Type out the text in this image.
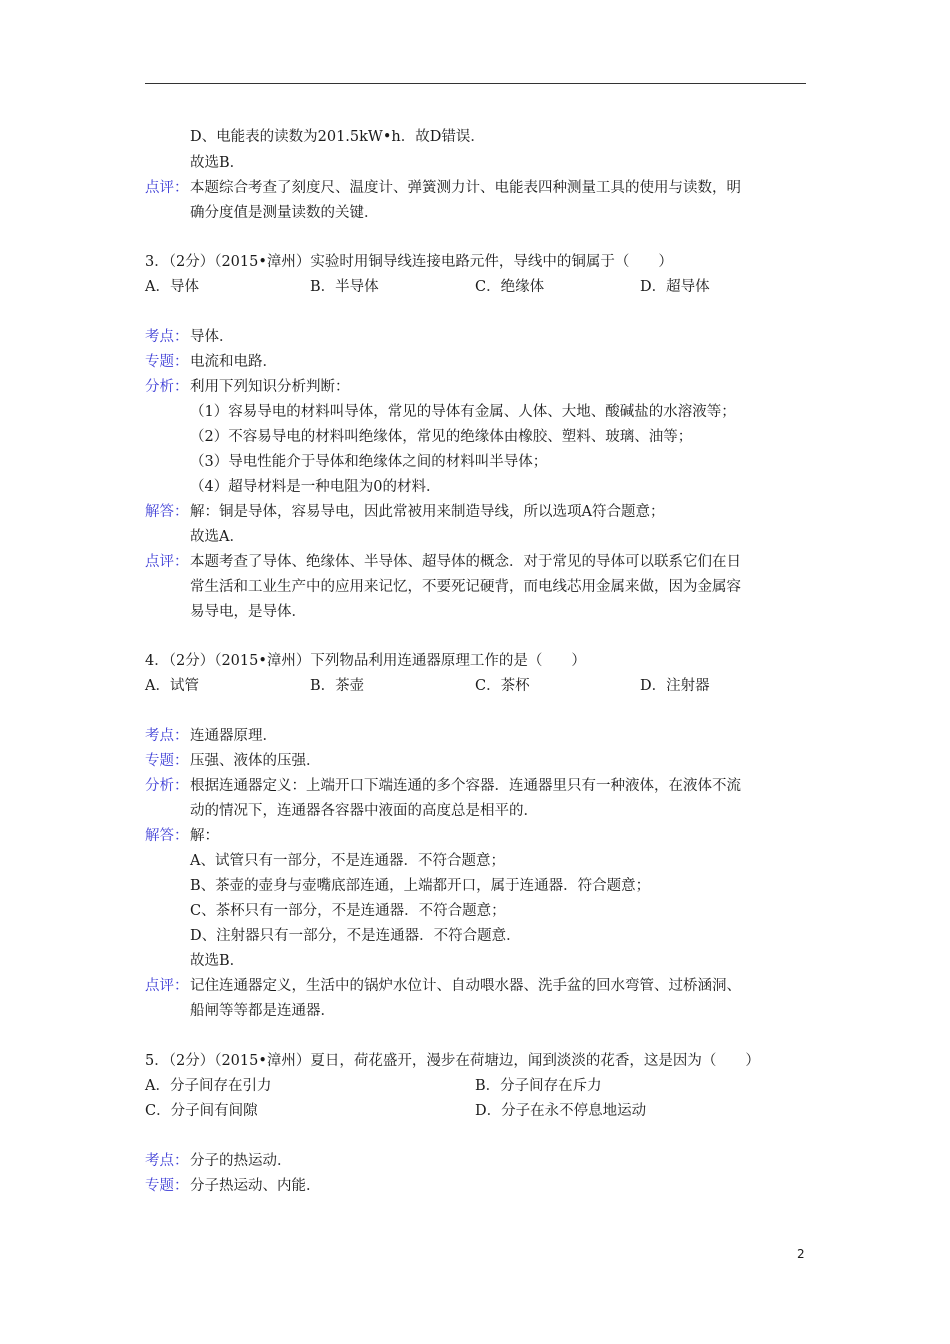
D、电能表的读数为201.5kW•h．故D错误．
故选B．
点评： 本题综合考查了刻度尺、温度计、弹簧测力计、电能表四种测量工具的使用与读数，明
确分度值是测量读数的关键．
3．（2分）（2015•漳州）实验时用铜导线连接电路元件，导线中的铜属于（　　）
A．导体	B．半导体	C．绝缘体	D．超导体
考点： 导体．
专题： 电流和电路．
分析： 利用下列知识分析判断：
（1）容易导电的材料叫导体，常见的导体有金属、人体、大地、酸碱盐的水溶液等；
（2）不容易导电的材料叫绝缘体，常见的绝缘体由橡胶、塑料、玻璃、油等；
（3）导电性能介于导体和绝缘体之间的材料叫半导体；
（4）超导材料是一种电阻为0的材料．
解答： 解：铜是导体，容易导电，因此常被用来制造导线，所以选项A符合题意；
故选A．
点评： 本题考查了导体、绝缘体、半导体、超导体的概念．对于常见的导体可以联系它们在日
常生活和工业生产中的应用来记忆，不要死记硬背，而电线芯用金属来做，因为金属容
易导电，是导体．
4．（2分）（2015•漳州）下列物品利用连通器原理工作的是（　　）
A．试管	B．茶壶	C．茶杯	D．注射器
考点： 连通器原理．
专题： 压强、液体的压强．
分析： 根据连通器定义：上端开口下端连通的多个容器．连通器里只有一种液体，在液体不流
动的情况下，连通器各容器中液面的高度总是相平的．
解答： 解：
A、试管只有一部分，不是连通器．不符合题意；
B、茶壶的壶身与壶嘴底部连通，上端都开口，属于连通器．符合题意；
C、茶杯只有一部分，不是连通器．不符合题意；
D、注射器只有一部分，不是连通器．不符合题意．
故选B．
点评： 记住连通器定义，生活中的锅炉水位计、自动喂水器、洗手盆的回水弯管、过桥涵洞、
船闸等等都是连通器．
5．（2分）（2015•漳州）夏日，荷花盛开，漫步在荷塘边，闻到淡淡的花香，这是因为（　　）
A．分子间存在引力	B．分子间存在斥力
C．分子间有间隙	D．分子在永不停息地运动
考点： 分子的热运动．
专题： 分子热运动、内能．
2
